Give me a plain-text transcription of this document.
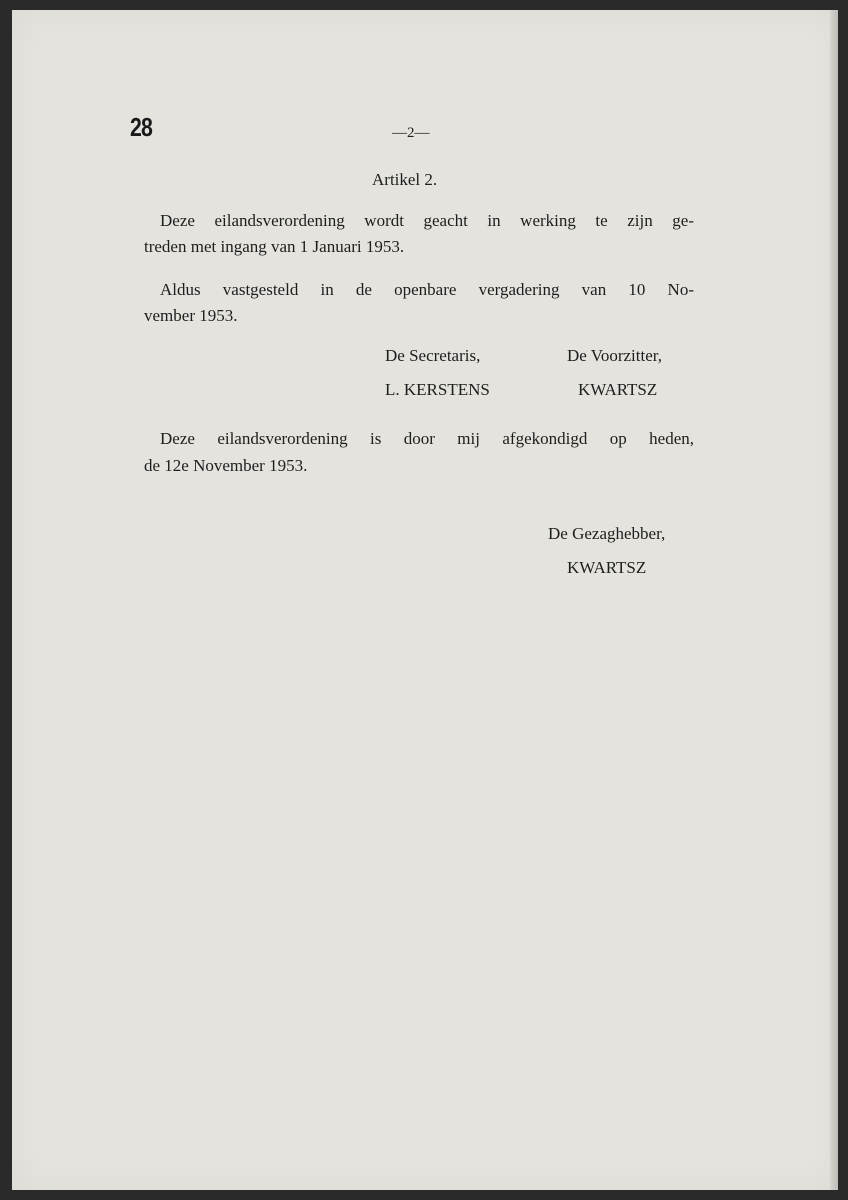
28	—2—
Artikel 2.
Deze eilandsverordening wordt geacht in werking te zijn ge-
treden met ingang van 1 Januari 1953.
Aldus vastgesteld in de openbare vergadering van 10 No-
vember 1953.
De Secretaris,	De Voorzitter,
L. KERSTENS	KWARTSZ
Deze eilandsverordening is door mij afgekondigd op heden,
de 12e November 1953.
De Gezaghebber,
KWARTSZ
